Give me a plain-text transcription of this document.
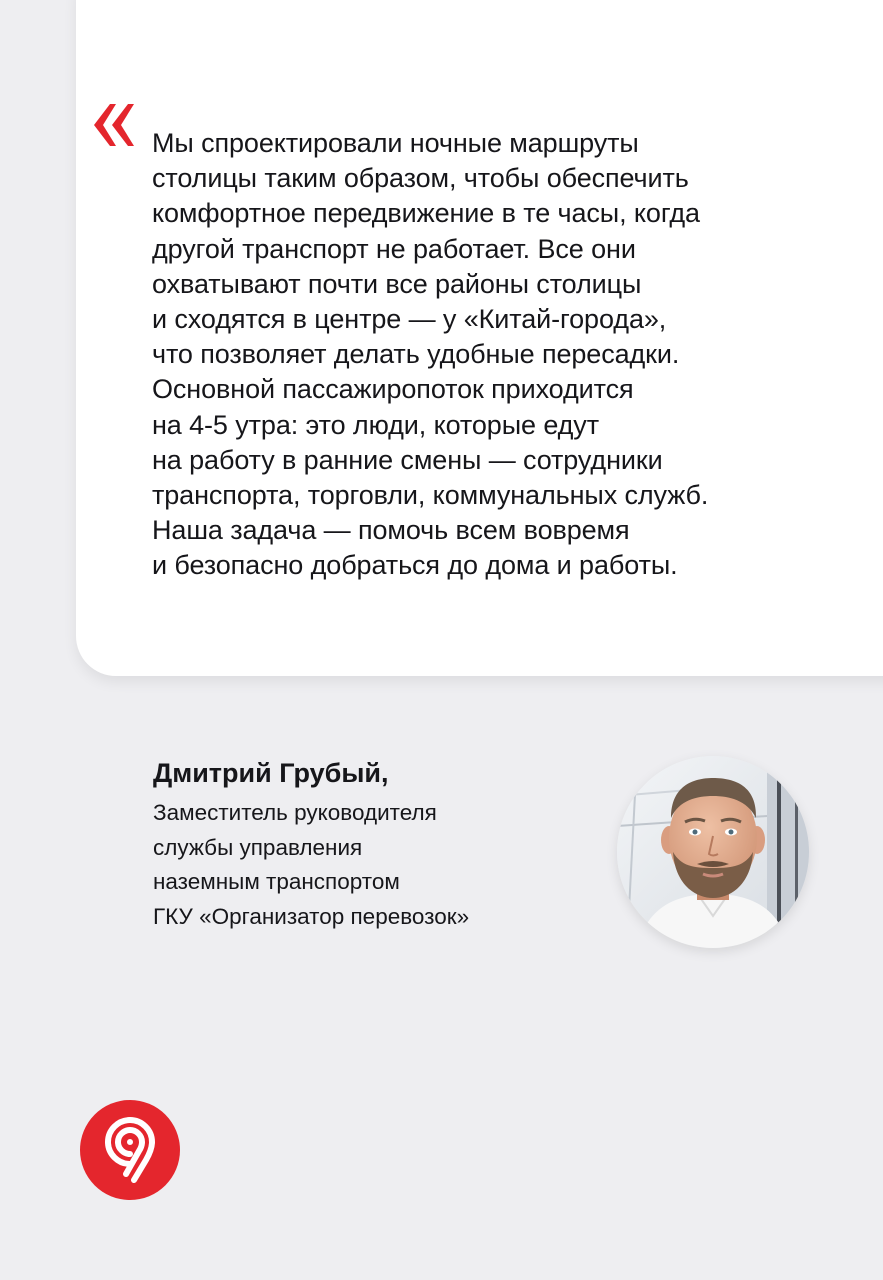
Мы спроектировали ночные маршруты
столицы таким образом, чтобы обеспечить
комфортное передвижение в те часы, когда
другой транспорт не работает. Все они
охватывают почти все районы столицы
и сходятся в центре — у «Китай-города»,
что позволяет делать удобные пересадки.
Основной пассажиропоток приходится
на 4-5 утра: это люди, которые едут
на работу в ранние смены — сотрудники
транспорта, торговли, коммунальных служб.
Наша задача — помочь всем вовремя
и безопасно добраться до дома и работы.

Дмитрий Грубый,

Заместитель руководителя
службы управления
наземным транспортом
ГКУ «Организатор перевозок»
